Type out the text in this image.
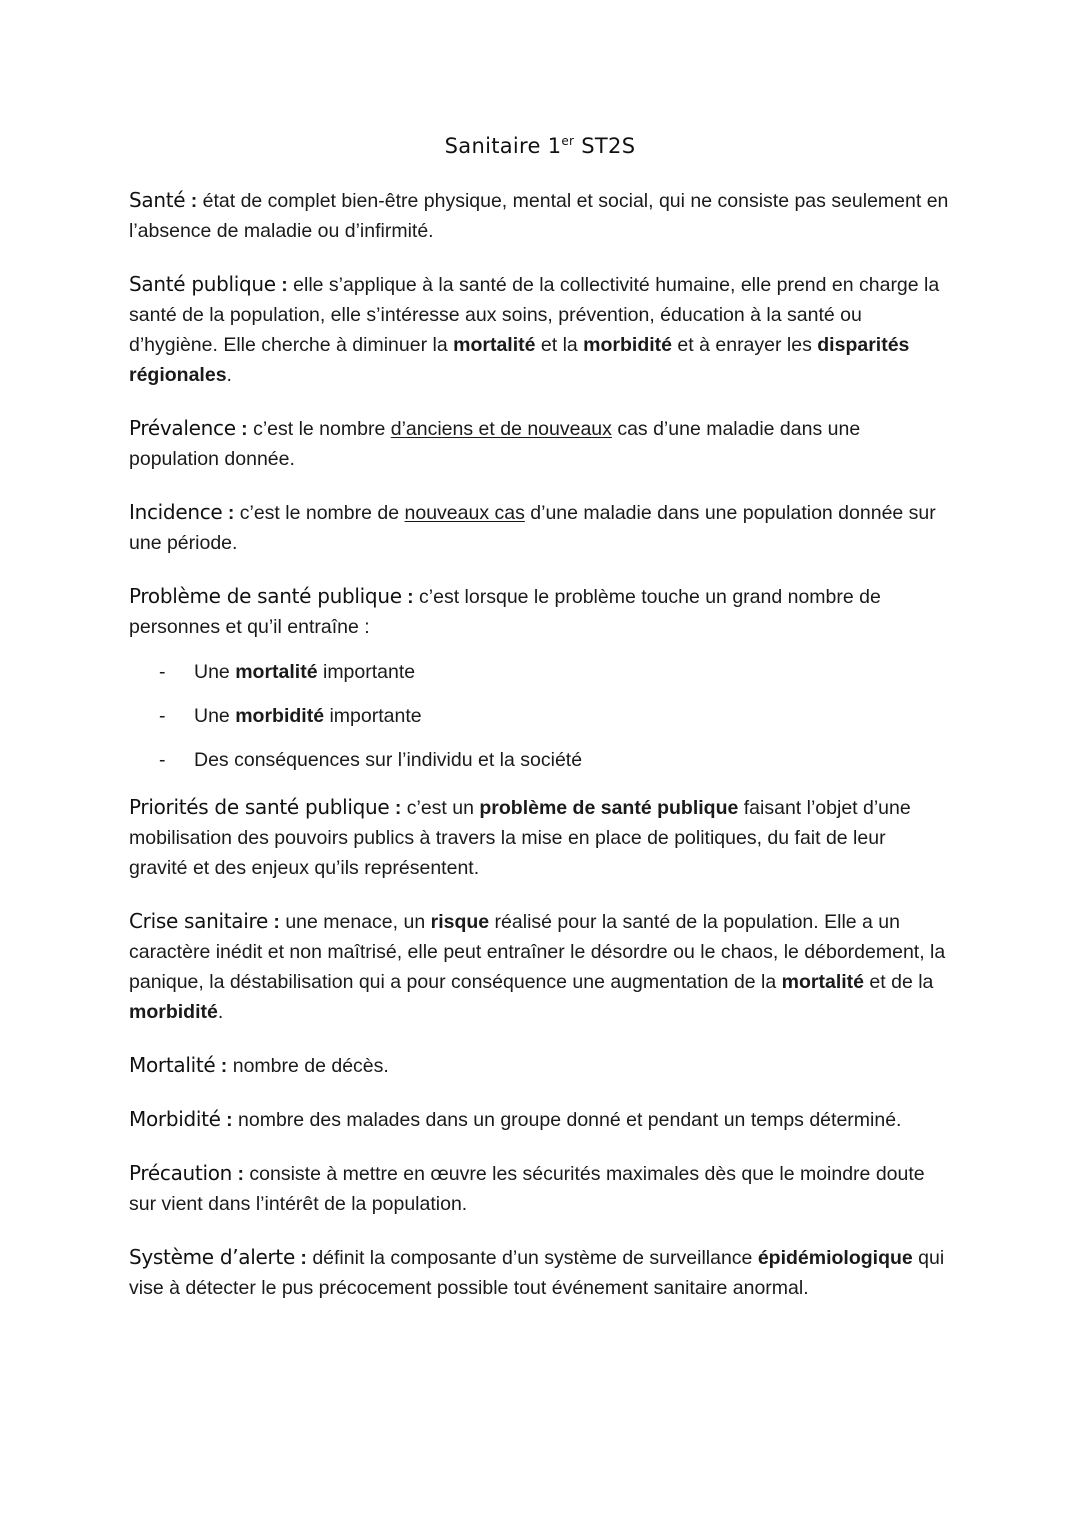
Sanitaire 1er ST2S

Santé : état de complet bien-être physique, mental et social, qui ne consiste pas seulement en l’absence de maladie ou d’infirmité.

Santé publique : elle s’applique à la santé de la collectivité humaine, elle prend en charge la santé de la population, elle s’intéresse aux soins, prévention, éducation à la santé ou d’hygiène. Elle cherche à diminuer la mortalité et la morbidité et à enrayer les disparités régionales.

Prévalence : c’est le nombre d’anciens et de nouveaux cas d’une maladie dans une population donnée.

Incidence : c’est le nombre de nouveaux cas d’une maladie dans une population donnée sur une période.

Problème de santé publique : c’est lorsque le problème touche un grand nombre de personnes et qu’il entraîne :

- Une mortalité importante
- Une morbidité importante
- Des conséquences sur l’individu et la société

Priorités de santé publique : c’est un problème de santé publique faisant l’objet d’une mobilisation des pouvoirs publics à travers la mise en place de politiques, du fait de leur gravité et des enjeux qu’ils représentent.

Crise sanitaire : une menace, un risque réalisé pour la santé de la population. Elle a un caractère inédit et non maîtrisé, elle peut entraîner le désordre ou le chaos, le débordement, la panique, la déstabilisation qui a pour conséquence une augmentation de la mortalité et de la morbidité.

Mortalité : nombre de décès.

Morbidité : nombre des malades dans un groupe donné et pendant un temps déterminé.

Précaution : consiste à mettre en œuvre les sécurités maximales dès que le moindre doute sur vient dans l’intérêt de la population.

Système d’alerte : définit la composante d’un système de surveillance épidémiologique qui vise à détecter le pus précocement possible tout événement sanitaire anormal.
